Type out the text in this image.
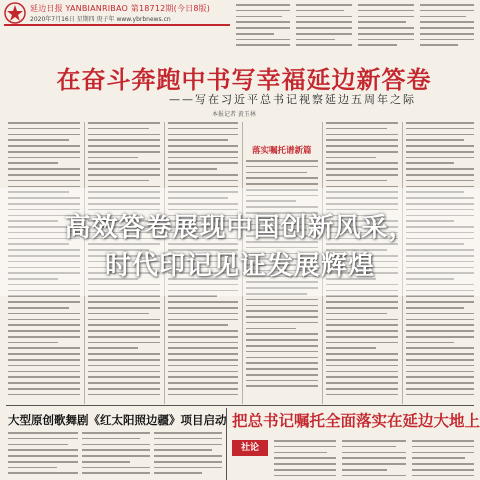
延边日报 YANBIANRIBAO 第18712期(今日8版)
2020年7月16日 星期四 庚子年 www.ybrbnews.cn
在奋斗奔跑中书写幸福延边新答卷
——写在习近平总书记视察延边五周年之际
本报记者 黄玉林
落实嘱托谱新篇
大型原创歌舞剧《红太阳照边疆》项目启动 把总书记嘱托全面落实在延边大地上
社论
高效答卷展现中国创新风采，
时代印记见证发展辉煌
